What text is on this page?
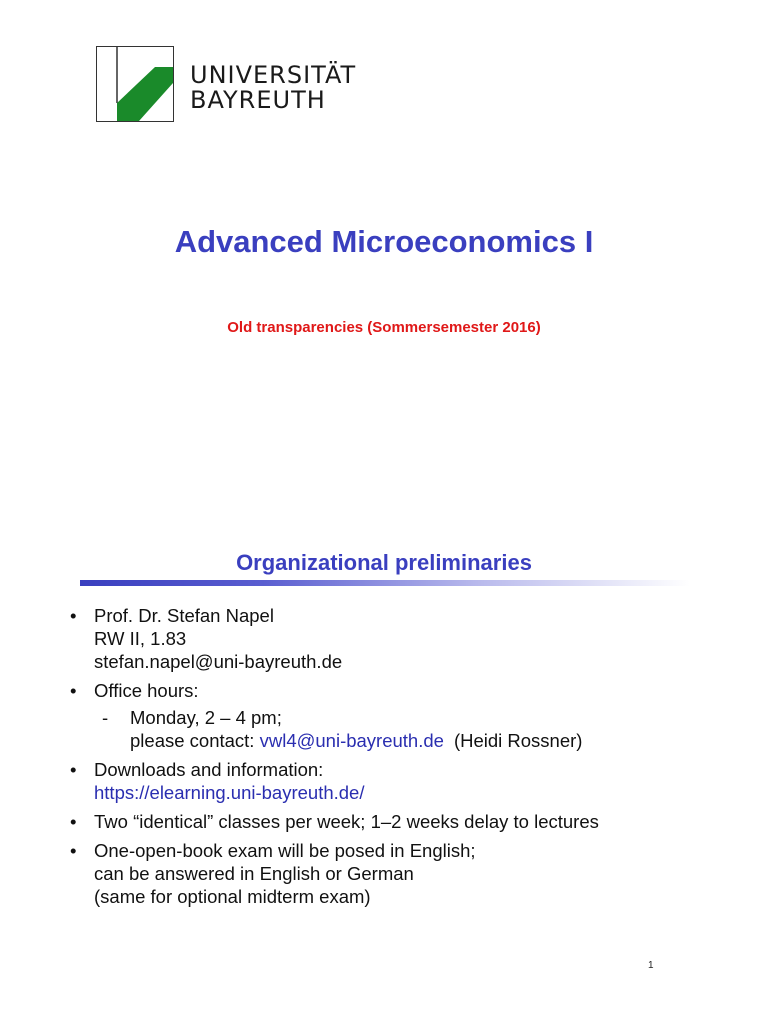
UNIVERSITÄT
BAYREUTH
Advanced Microeconomics I
Old transparencies (Sommersemester 2016)
Organizational preliminaries
• Prof. Dr. Stefan Napel
RW II, 1.83
stefan.napel@uni-bayreuth.de
• Office hours:
- Monday, 2 – 4 pm;
please contact: vwl4@uni-bayreuth.de (Heidi Rossner)
• Downloads and information:
https://elearning.uni-bayreuth.de/
• Two “identical” classes per week; 1–2 weeks delay to lectures
• One-open-book exam will be posed in English;
can be answered in English or German
(same for optional midterm exam)
1
